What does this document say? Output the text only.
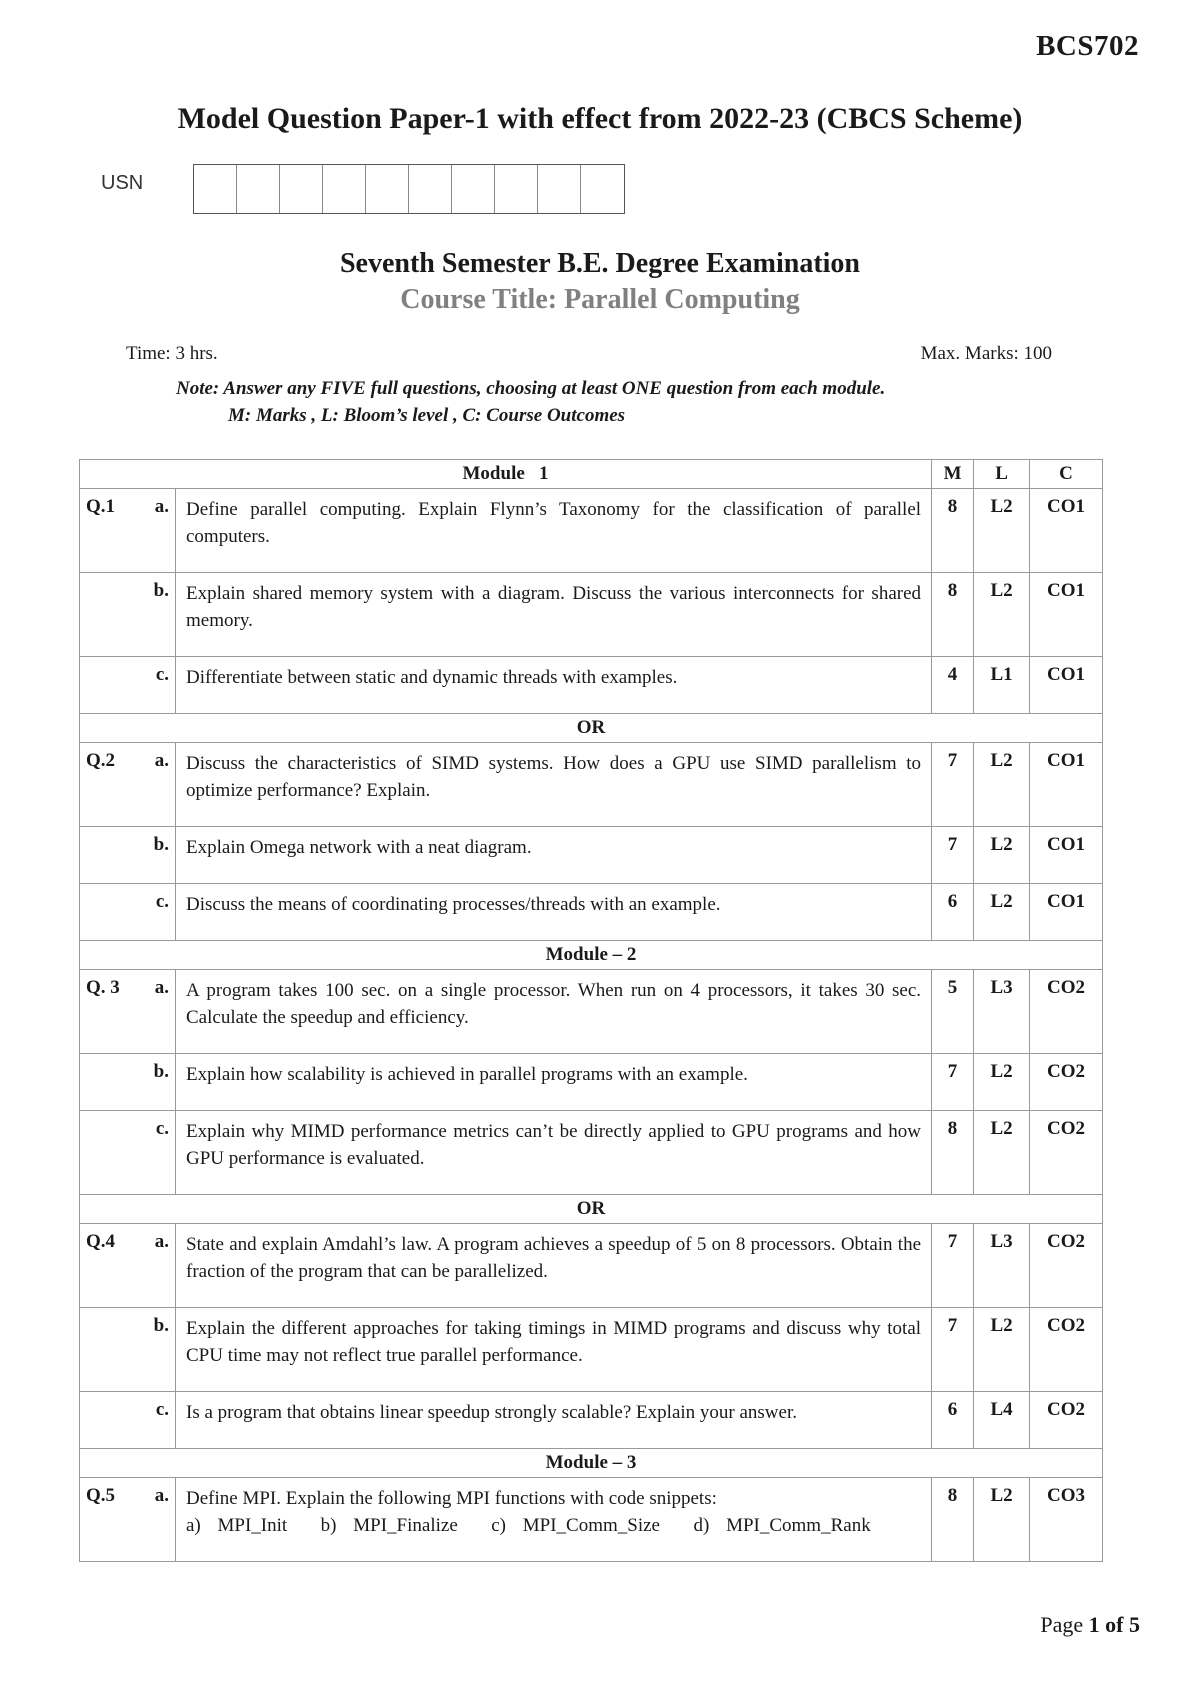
BCS702
Model Question Paper-1 with effect from 2022-23 (CBCS Scheme)
USN
Seventh Semester B.E. Degree Examination
Course Title: Parallel Computing
Time: 3 hrs.	Max. Marks: 100
Note: Answer any FIVE full questions, choosing at least ONE question from each module.
M: Marks , L: Bloom’s level , C: Course Outcomes
Module   1			M	L	C
Q.1	a.	Define parallel computing. Explain Flynn’s Taxonomy for the classification of parallel computers.	8	L2	CO1
	b.	Explain shared memory system with a diagram. Discuss the various interconnects for shared memory.	8	L2	CO1
	c.	Differentiate between static and dynamic threads with examples.	4	L1	CO1
OR					
Q.2	a.	Discuss the characteristics of SIMD systems. How does a GPU use SIMD parallelism to optimize performance? Explain.	7	L2	CO1
	b.	Explain Omega network with a neat diagram.	7	L2	CO1
	c.	Discuss the means of coordinating processes/threads with an example.	6	L2	CO1
Module – 2					
Q. 3	a.	A program takes 100 sec. on a single processor. When run on 4 processors, it takes 30 sec. Calculate the speedup and efficiency.	5	L3	CO2
	b.	Explain how scalability is achieved in parallel programs with an example.	7	L2	CO2
	c.	Explain why MIMD performance metrics can’t be directly applied to GPU programs and how GPU performance is evaluated.	8	L2	CO2
OR					
Q.4	a.	State and explain Amdahl’s law. A program achieves a speedup of 5 on 8 processors. Obtain the fraction of the program that can be parallelized.	7	L3	CO2
	b.	Explain the different approaches for taking timings in MIMD programs and discuss why total CPU time may not reflect true parallel performance.	7	L2	CO2
	c.	Is a program that obtains linear speedup strongly scalable? Explain your answer.	6	L4	CO2
Module – 3					
Q.5	a.	Define MPI. Explain the following MPI functions with code snippets:
a) MPI_Init  b) MPI_Finalize  c) MPI_Comm_Size  d) MPI_Comm_Rank	8	L2	CO3
Page 1 of 5
